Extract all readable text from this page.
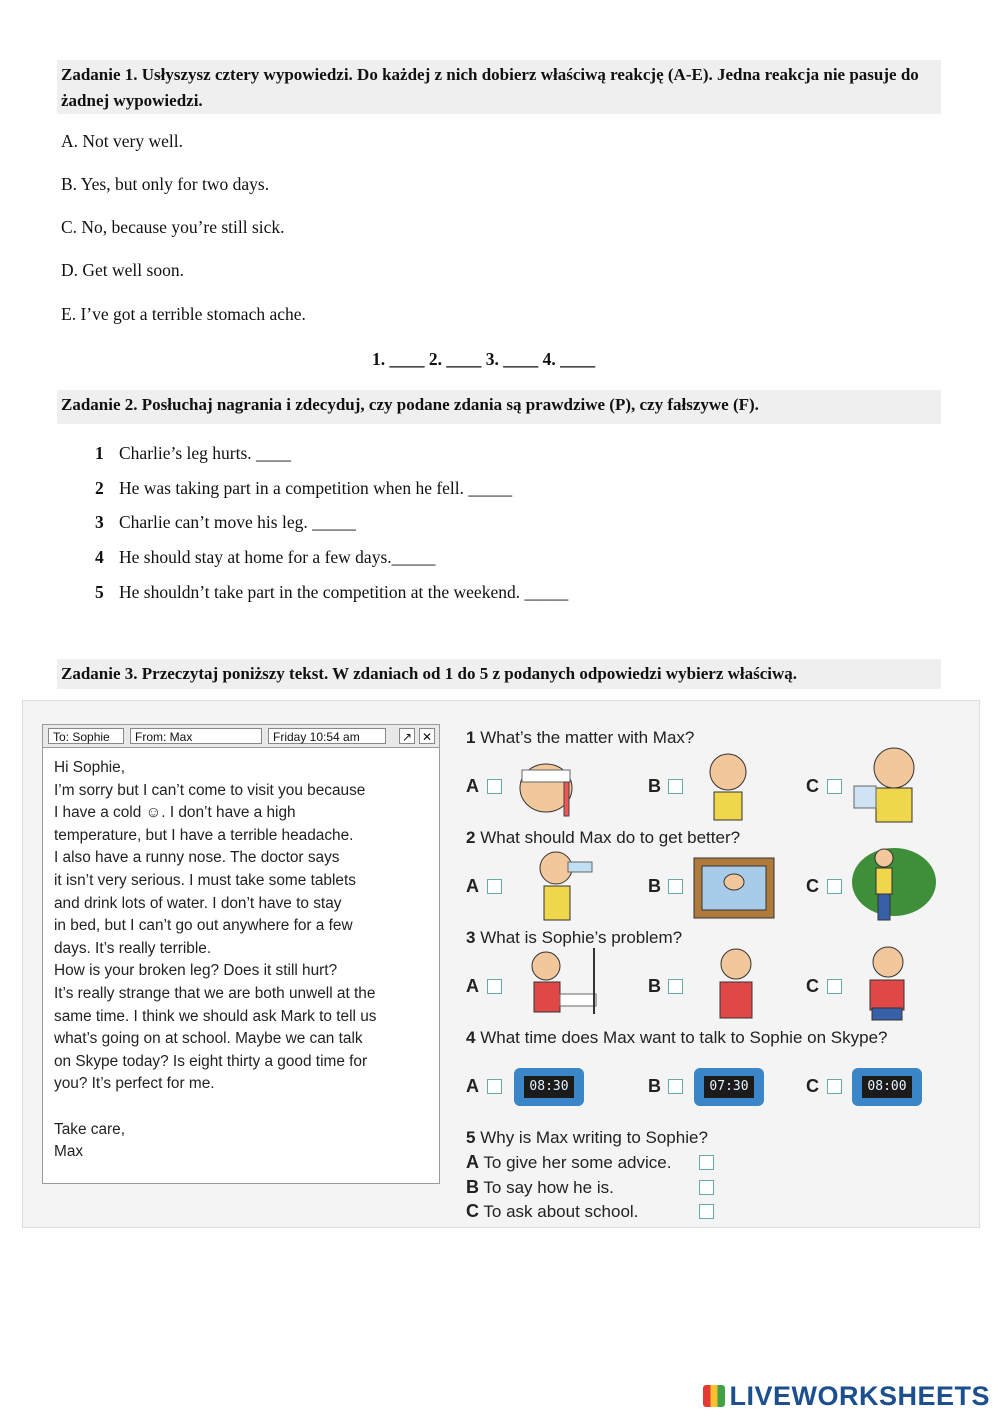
Zadanie 1. Usłyszysz cztery wypowiedzi. Do każdej z nich dobierz właściwą reakcję (A-E). Jedna reakcja nie pasuje do żadnej wypowiedzi.
A. Not very well.
B. Yes, but only for two days.
C. No, because you’re still sick.
D. Get well soon.
E. I’ve got a terrible stomach ache.
1. ____ 2. ____ 3. ____ 4. ____
Zadanie 2. Posłuchaj nagrania i zdecyduj, czy podane zdania są prawdziwe (P), czy fałszywe (F).
1 Charlie’s leg hurts. ____
2 He was taking part in a competition when he fell. _____
3 Charlie can’t move his leg. _____
4 He should stay at home for a few days._____
5 He shouldn’t take part in the competition at the weekend. _____
Zadanie 3. Przeczytaj poniższy tekst. W zdaniach od 1 do 5 z podanych odpowiedzi wybierz właściwą.
To: Sophie	From: Max	Friday 10:54 am	↗ ✕

Hi Sophie,
I’m sorry but I can’t come to visit you because
I have a cold ☺. I don’t have a high
temperature, but I have a terrible headache.
I also have a runny nose. The doctor says
it isn’t very serious. I must take some tablets
and drink lots of water. I don’t have to stay
in bed, but I can’t go out anywhere for a few
days. It’s really terrible.
How is your broken leg? Does it still hurt?
It’s really strange that we are both unwell at the
same time. I think we should ask Mark to tell us
what’s going on at school. Maybe we can talk
on Skype today? Is eight thirty a good time for
you? It’s perfect for me.

Take care,
Max

1 What’s the matter with Max?
2 What should Max do to get better?
3 What is Sophie’s problem?
4 What time does Max want to talk to Sophie on Skype?
5 Why is Max writing to Sophie?
A	B	C
A	B	C
A	B	C
A	08:30	B	07:30	C	08:00
A To give her some advice.
B To say how he is.
C To ask about school.
LIVEWORKSHEETS
